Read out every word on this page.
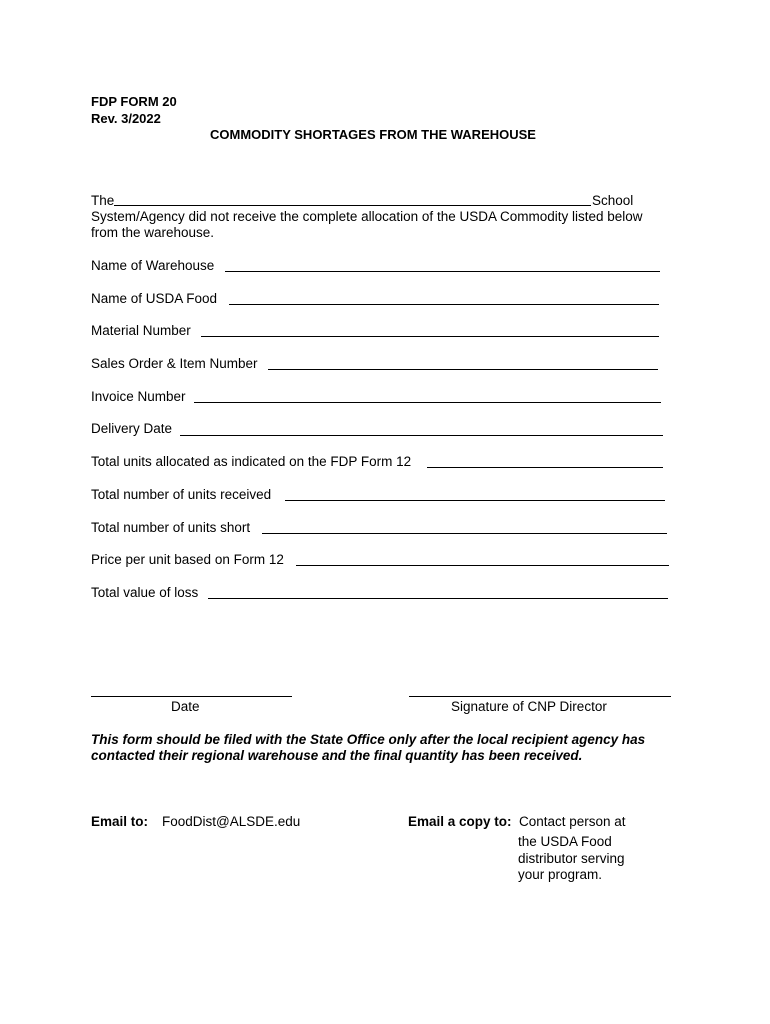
FDP FORM 20
Rev. 3/2022
COMMODITY SHORTAGES FROM THE WAREHOUSE
The	School
System/Agency did not receive the complete allocation of the USDA Commodity listed below
from the warehouse.
Name of Warehouse
Name of USDA Food
Material Number
Sales Order & Item Number
Invoice Number
Delivery Date
Total units allocated as indicated on the FDP Form 12
Total number of units received
Total number of units short
Price per unit based on Form 12
Total value of loss
Date	Signature of CNP Director
This form should be filed with the State Office only after the local recipient agency has
contacted their regional warehouse and the final quantity has been received.
Email to: FoodDist@ALSDE.edu	Email a copy to: Contact person at
the USDA Food
distributor serving
your program.
